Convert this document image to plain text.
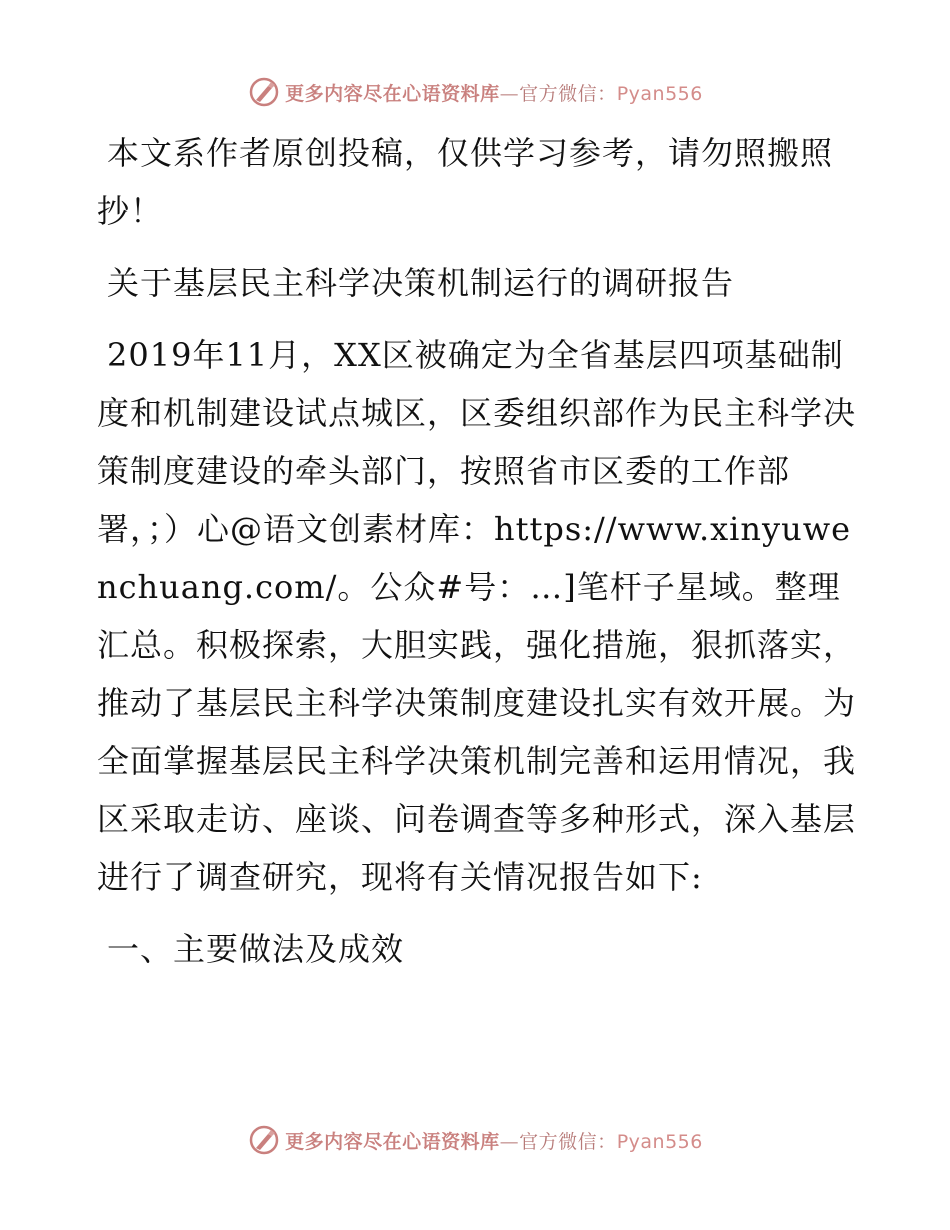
更多内容尽在心语资料库—官方微信：Pyan556

本文系作者原创投稿，仅供学习参考，请勿照搬照抄！

关于基层民主科学决策机制运行的调研报告

2019年11月，XX区被确定为全省基层四项基础制度和机制建设试点城区，区委组织部作为民主科学决策制度建设的牵头部门，按照省市区委的工作部署，；）心@语文创素材库：https://www.xinyuwenchuang.com/。公众#号：…]笔杆子星域。整理汇总。积极探索，大胆实践，强化措施，狠抓落实，推动了基层民主科学决策制度建设扎实有效开展。为全面掌握基层民主科学决策机制完善和运用情况，我区采取走访、座谈、问卷调查等多种形式，深入基层进行了调查研究，现将有关情况报告如下:

一、主要做法及成效

更多内容尽在心语资料库—官方微信：Pyan556
